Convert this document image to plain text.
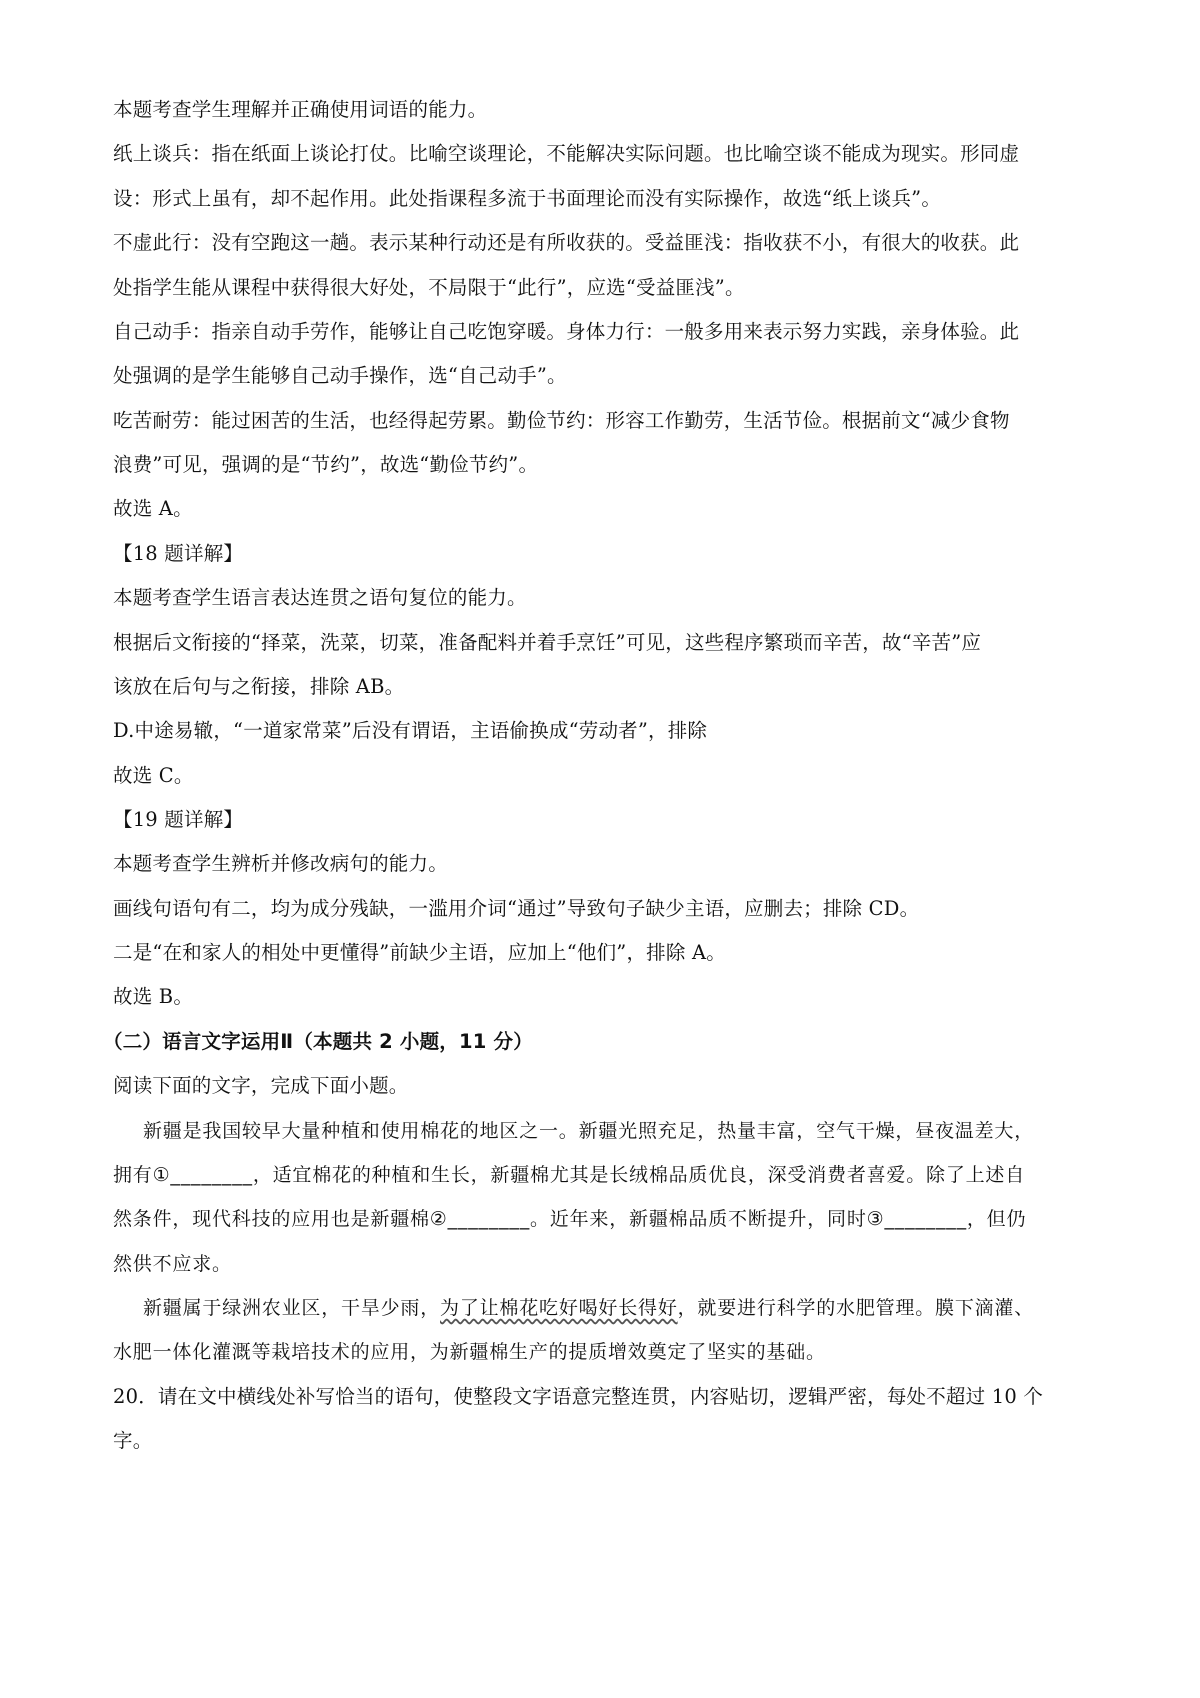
本题考查学生理解并正确使用词语的能力。
纸上谈兵：指在纸面上谈论打仗。比喻空谈理论，不能解决实际问题。也比喻空谈不能成为现实。形同虚
设：形式上虽有，却不起作用。此处指课程多流于书面理论而没有实际操作，故选“纸上谈兵”。
不虚此行：没有空跑这一趟。表示某种行动还是有所收获的。受益匪浅：指收获不小，有很大的收获。此
处指学生能从课程中获得很大好处，不局限于“此行”，应选“受益匪浅”。
自己动手：指亲自动手劳作，能够让自己吃饱穿暖。身体力行：一般多用来表示努力实践，亲身体验。此
处强调的是学生能够自己动手操作，选“自己动手”。
吃苦耐劳：能过困苦的生活，也经得起劳累。勤俭节约：形容工作勤劳，生活节俭。根据前文“减少食物
浪费”可见，强调的是“节约”，故选“勤俭节约”。
故选 A。
【18 题详解】
本题考查学生语言表达连贯之语句复位的能力。
根据后文衔接的“择菜，洗菜，切菜，准备配料并着手烹饪”可见，这些程序繁琐而辛苦，故“辛苦”应
该放在后句与之衔接，排除 AB。
D.中途易辙，“一道家常菜”后没有谓语，主语偷换成“劳动者”，排除
故选 C。
【19 题详解】
本题考查学生辨析并修改病句的能力。
画线句语句有二，均为成分残缺，一滥用介词“通过”导致句子缺少主语，应删去；排除 CD。
二是“在和家人的相处中更懂得”前缺少主语，应加上“他们”，排除 A。
故选 B。
（二）语言文字运用Ⅱ（本题共 2 小题，11 分）
阅读下面的文字，完成下面小题。
新疆是我国较早大量种植和使用棉花的地区之一。新疆光照充足，热量丰富，空气干燥，昼夜温差大，
拥有①________，适宜棉花的种植和生长，新疆棉尤其是长绒棉品质优良，深受消费者喜爱。除了上述自
然条件，现代科技的应用也是新疆棉②________。近年来，新疆棉品质不断提升，同时③________，但仍
然供不应求。
新疆属于绿洲农业区，干旱少雨，为了让棉花吃好喝好长得好，就要进行科学的水肥管理。膜下滴灌、
水肥一体化灌溉等栽培技术的应用，为新疆棉生产的提质增效奠定了坚实的基础。
20．请在文中横线处补写恰当的语句，使整段文字语意完整连贯，内容贴切，逻辑严密，每处不超过 10 个
字。
